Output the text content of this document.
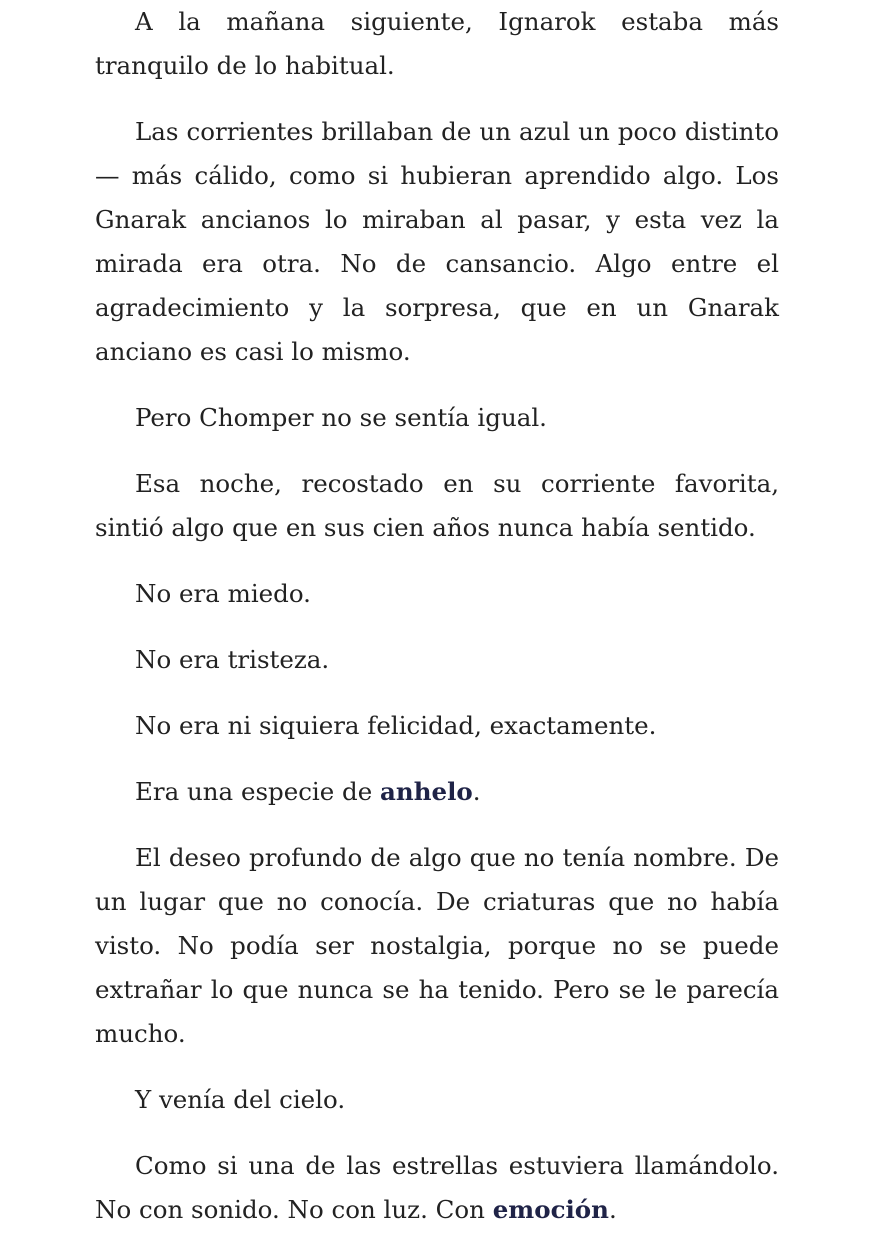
A la mañana siguiente, Ignarok estaba más tranquilo de lo habitual.

Las corrientes brillaban de un azul un poco distinto — más cálido, como si hubieran aprendido algo. Los Gnarak ancianos lo miraban al pasar, y esta vez la mirada era otra. No de cansancio. Algo entre el agradecimiento y la sorpresa, que en un Gnarak anciano es casi lo mismo.

Pero Chomper no se sentía igual.

Esa noche, recostado en su corriente favorita, sintió algo que en sus cien años nunca había sentido.

No era miedo.

No era tristeza.

No era ni siquiera felicidad, exactamente.

Era una especie de anhelo.

El deseo profundo de algo que no tenía nombre. De un lugar que no conocía. De criaturas que no había visto. No podía ser nostalgia, porque no se puede extrañar lo que nunca se ha tenido. Pero se le parecía mucho.

Y venía del cielo.

Como si una de las estrellas estuviera llamándolo. No con sonido. No con luz. Con emoción.
